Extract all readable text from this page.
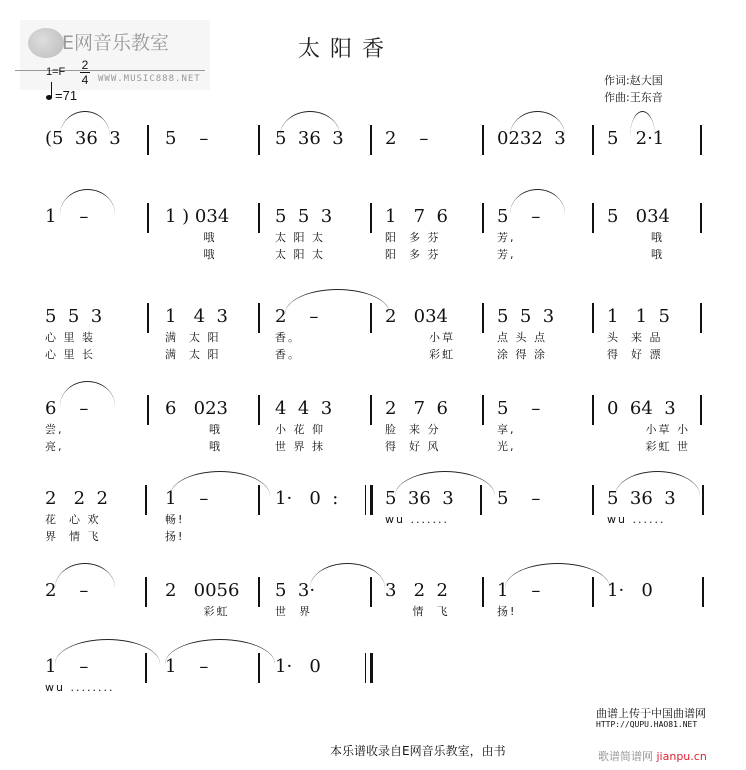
E网音乐教室
WWW.MUSIC888.NET
太阳香
1=F 2
4
=71
作词:赵大国
作曲:王东音
(5  36  3	5    –	5  36  3	2    –	0232  3	5   2·1
1    –	1 ) 034
哦
哦
5  5  3
太 阳 太
太 阳 太
1   7  6
阳  多 芬
阳  多 芬
5    –
芳,
芳,
5   034
哦
哦
5  5  3
心 里 装
心 里 长
1   4  3
满  太 阳
满  太 阳
2    –
香。
香。
2   034
小草
彩虹
5  5  3
点 头 点
涂 得 涂
1   1  5
头  来 品
得  好 漂
6    –
尝,
亮,
6   023
哦
哦
4  4  3
小 花 仰
世 界 抹
2   7  6
脸  来 分
得  好 风
5    –
享,
光,
0  64  3
小草 小
彩虹 世
2   2  2
花  心 欢
界  情 飞
1    –
畅!
扬!
1·   0  :	5  36  3
wu .......
5    –	5  36  3
wu ......
2    –	2   0056
彩虹
5  3·
世  界
3   2  2
情  飞
1    –
扬!
1·   0
1    –
wu ........
1    –	1·   0
曲谱上传于中国曲谱网
HTTP://QUPU.HAO81.NET
本乐谱收录自E网音乐教室，由书	歌谱简谱网 jianpu.cn
